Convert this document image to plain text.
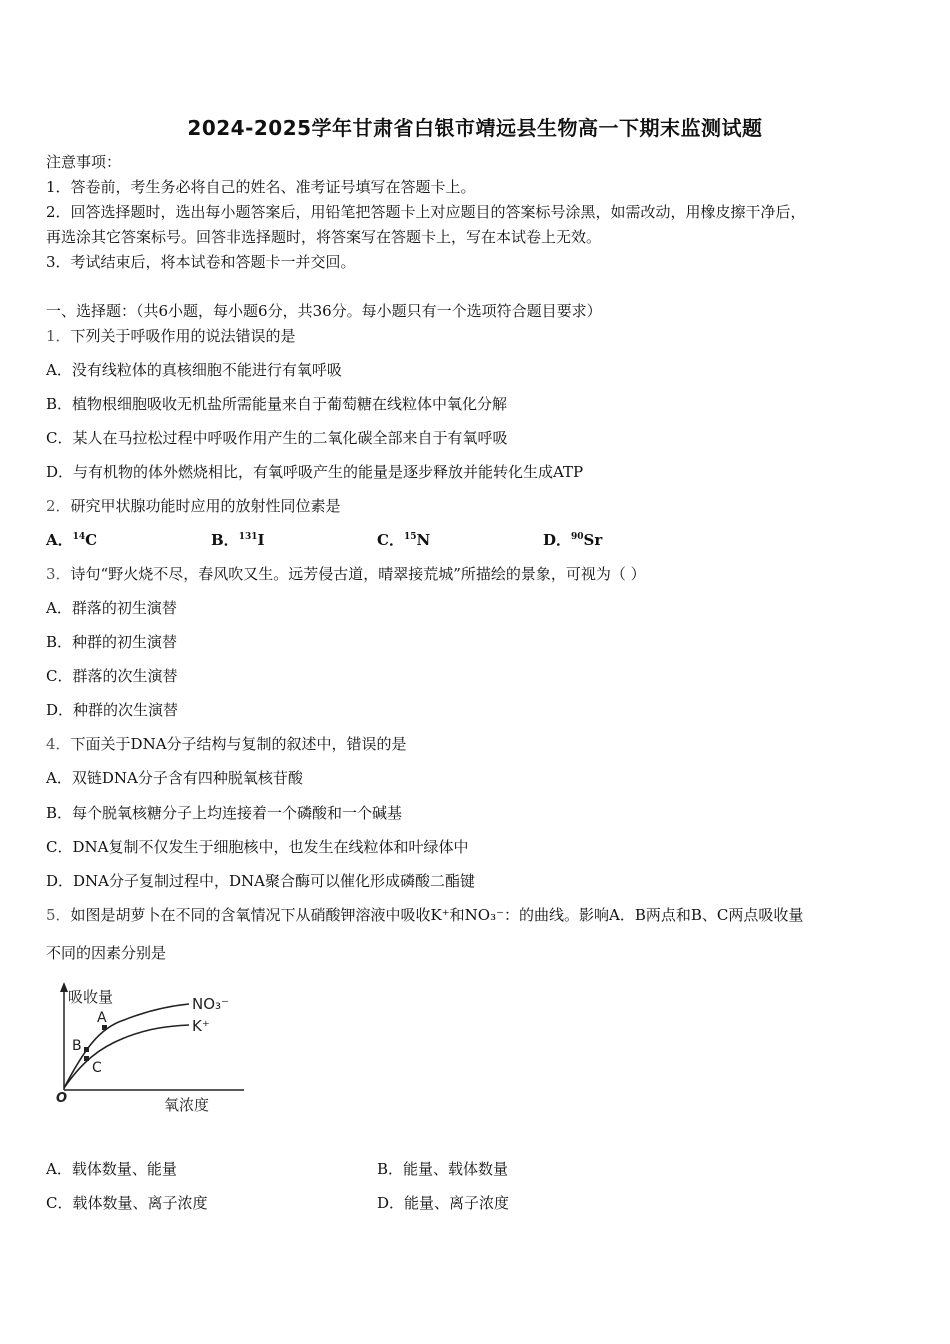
2024-2025学年甘肃省白银市靖远县生物高一下期末监测试题
注意事项：
1．答卷前，考生务必将自己的姓名、准考证号填写在答题卡上。
2．回答选择题时，选出每小题答案后，用铅笔把答题卡上对应题目的答案标号涂黑，如需改动，用橡皮擦干净后，
再选涂其它答案标号。回答非选择题时，将答案写在答题卡上，写在本试卷上无效。
3．考试结束后，将本试卷和答题卡一并交回。
一、选择题：（共6小题，每小题6分，共36分。每小题只有一个选项符合题目要求）
1．下列关于呼吸作用的说法错误的是
A．没有线粒体的真核细胞不能进行有氧呼吸
B．植物根细胞吸收无机盐所需能量来自于葡萄糖在线粒体中氧化分解
C．某人在马拉松过程中呼吸作用产生的二氧化碳全部来自于有氧呼吸
D．与有机物的体外燃烧相比，有氧呼吸产生的能量是逐步释放并能转化生成ATP
2．研究甲状腺功能时应用的放射性同位素是
A．$^{14}$C	B．$^{131}$I	C．$^{15}$N	D．$^{90}$Sr
3．诗句“野火烧不尽，春风吹又生。远芳侵古道，晴翠接荒城”所描绘的景象，可视为（ ）
A．群落的初生演替
B．种群的初生演替
C．群落的次生演替
D．种群的次生演替
4．下面关于DNA分子结构与复制的叙述中，错误的是
A．双链DNA分子含有四种脱氧核苷酸
B．每个脱氧核糖分子上均连接着一个磷酸和一个碱基
C．DNA复制不仅发生于细胞核中，也发生在线粒体和叶绿体中
D．DNA分子复制过程中，DNA聚合酶可以催化形成磷酸二酯键
5．如图是胡萝卜在不同的含氧情况下从硝酸钾溶液中吸收K⁺和NO₃⁻：的曲线。影响A．B两点和B、C两点吸收量
不同的因素分别是
吸收量
氧浓度
O
NO₃⁻
K⁺
A
B
C
A．载体数量、能量	B．能量、载体数量
C．载体数量、离子浓度	D．能量、离子浓度
